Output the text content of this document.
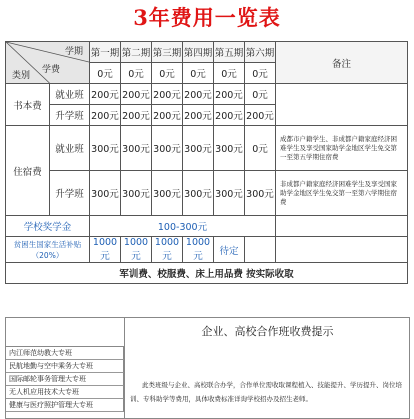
3年费用一览表
学期
学费
类别		第一期	第二期	第三期	第四期	第五期	第六期	备注
		0元	0元	0元	0元	0元	0元	
书本费	就业班	200元	200元	200元	200元	200元	0元	
	升学班	200元	200元	200元	200元	200元	200元	
住宿费	就业班	300元	300元	300元	300元	300元	0元	成都市户籍学生、非成都户籍家庭经济困难学生及享受国家助学金地区学生免交第一至第五学期住宿费
	升学班	300元	300元	300元	300元	300元	300元	非成都户籍家庭经济困难学生及享受国家助学金地区学生免交第一至第六学期住宿费
学校奖学金		100-300元						
贫困生国家生活补贴（20%）		1000元	1000元	1000元	1000元	待定		
军训费、校服费、床上用品费 按实际收取								
企业、高校合作班收费提示
内江师范幼教大专班
民航地勤与空中乘务大专班
国际邮轮事务管理大专班
无人机应用技术大专班
健康与医疗照护管理大专班
此类班级与企业、高校联合办学，合作单位需收取课程植入、技能提升、学历提升、岗位培训、专科助学等费用，具体收费标准详询学校招办及招生老师。
